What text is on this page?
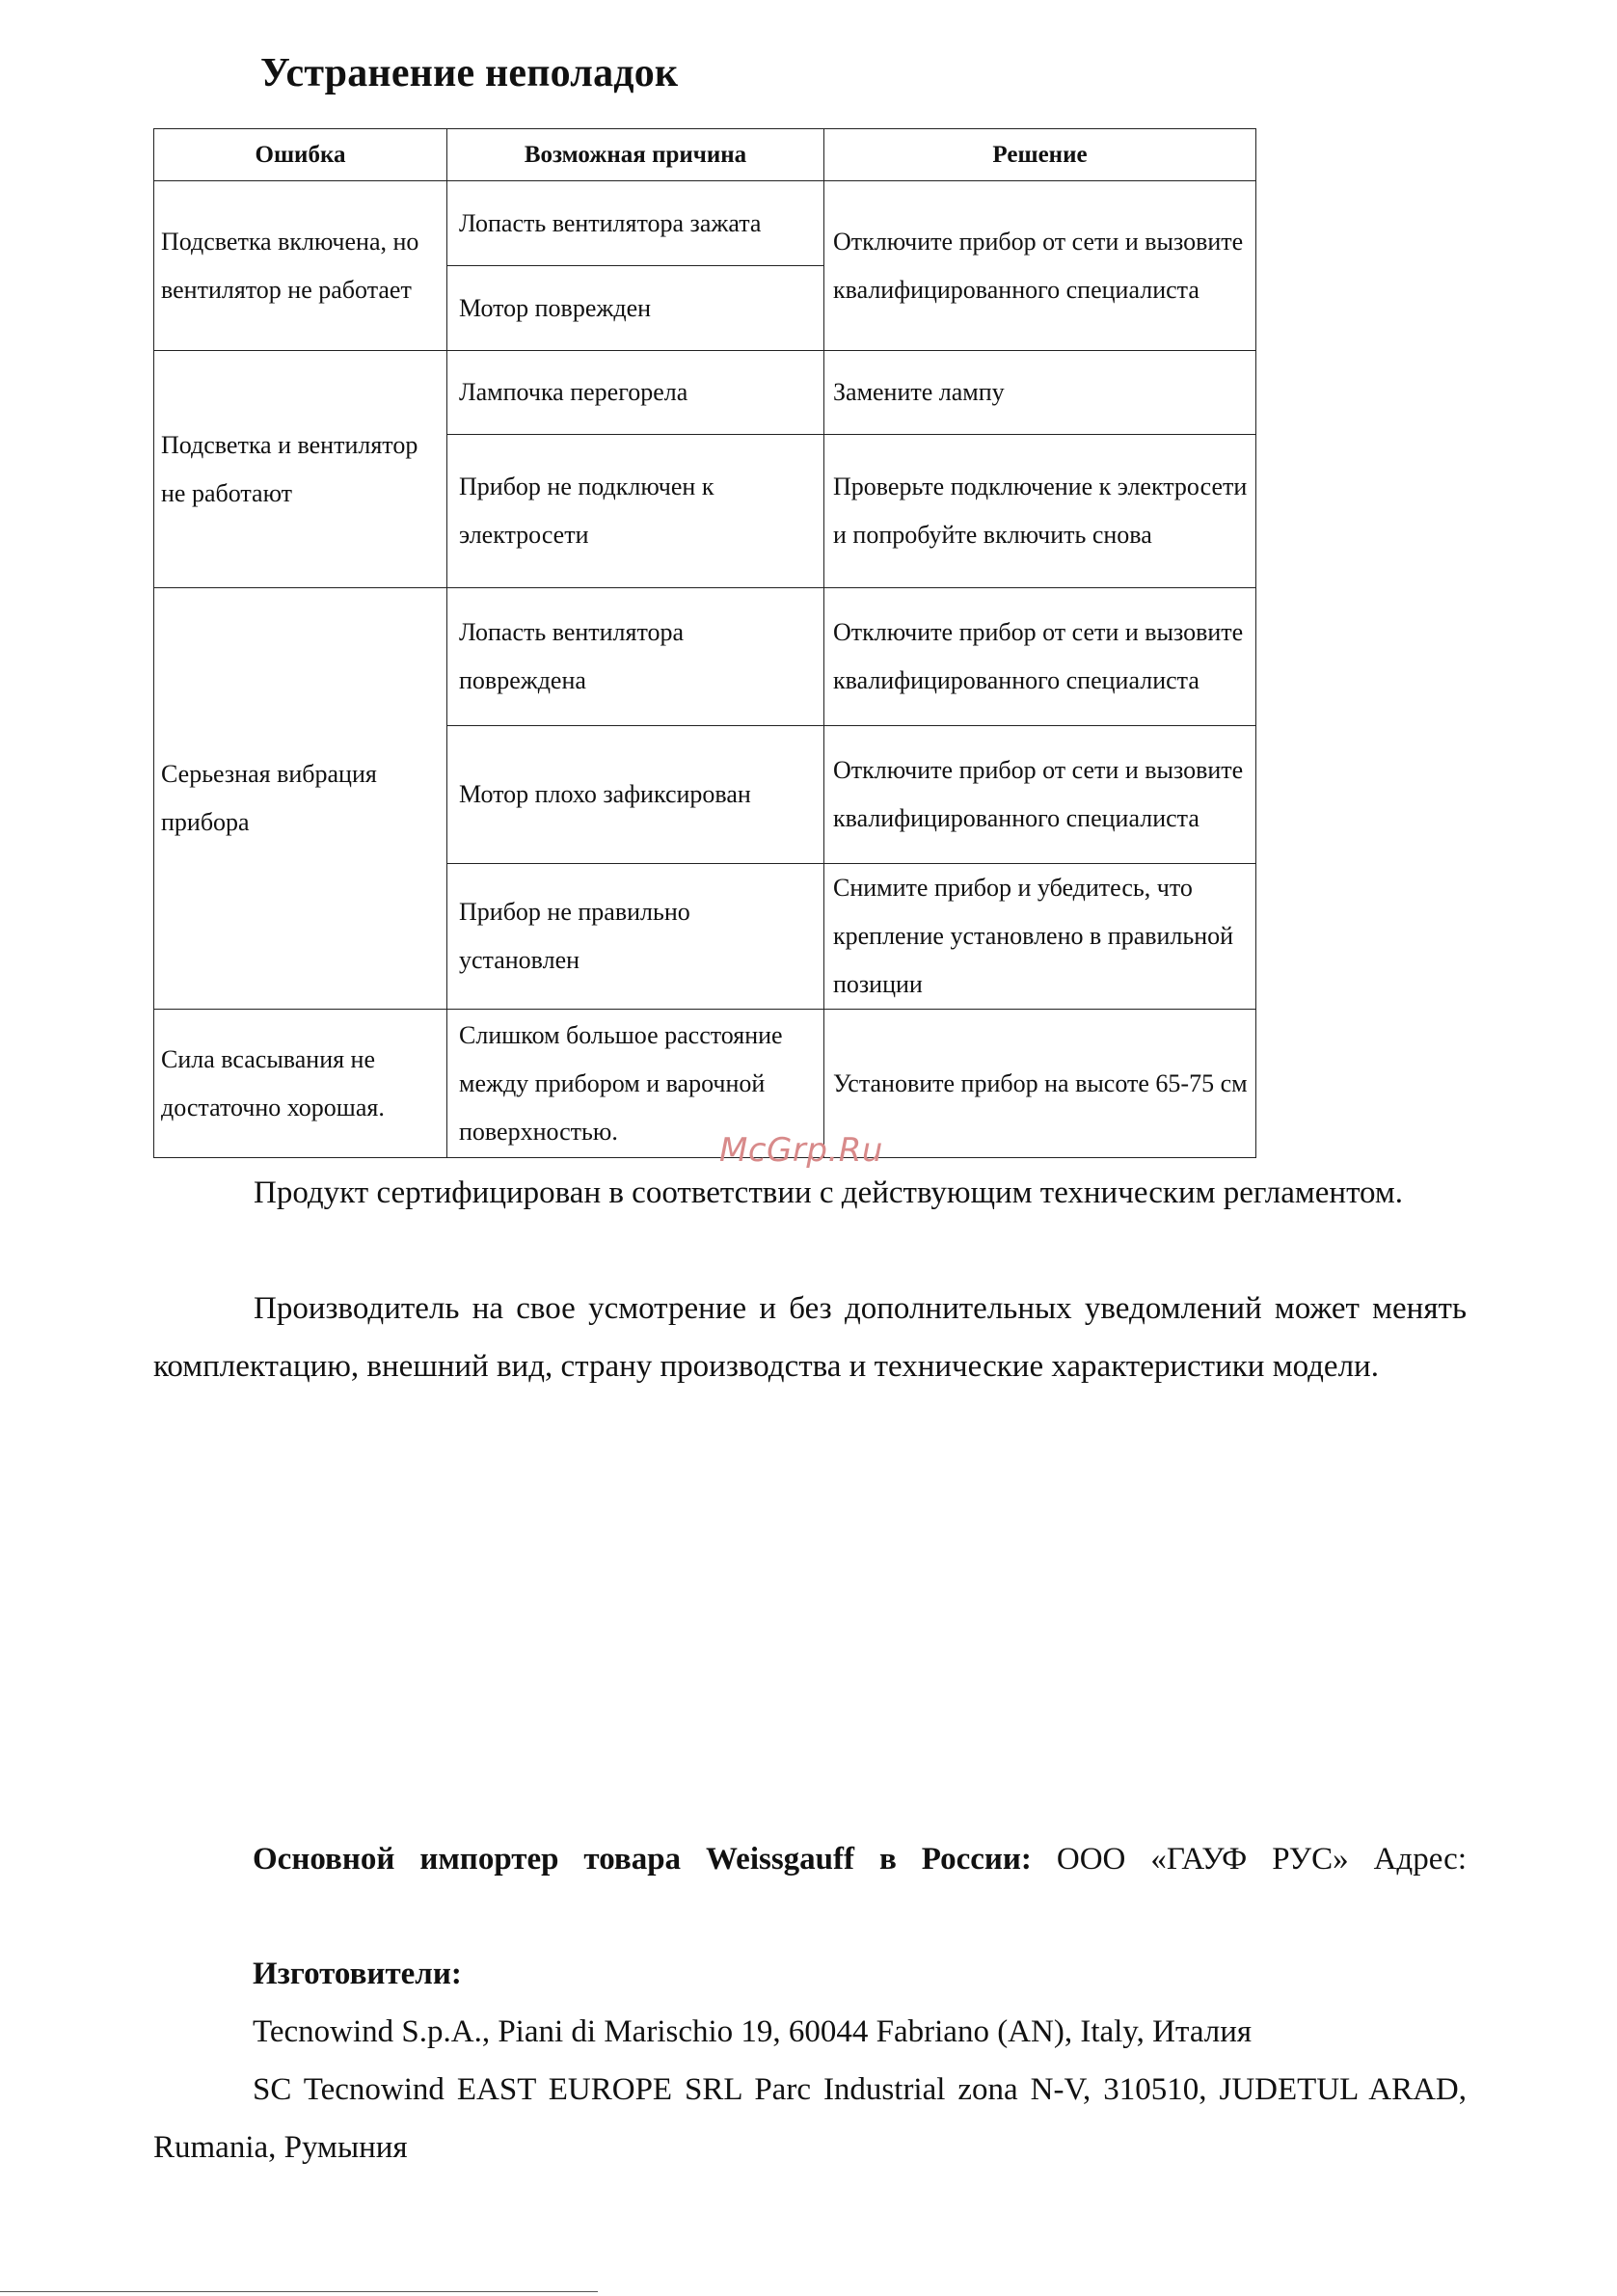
Устранение неполадок
Ошибка	Возможная причина	Решение
Подсветка включена, но вентилятор не работает	Лопасть вентилятора зажата	Отключите прибор от сети и вызовите квалифицированного специалиста
	Мотор поврежден	
Подсветка и вентилятор не работают	Лампочка перегорела	Замените лампу
	Прибор не подключен к электросети	Проверьте подключение к электросети и попробуйте включить снова
Серьезная вибрация прибора	Лопасть вентилятора повреждена	Отключите прибор от сети и вызовите квалифицированного специалиста
	Мотор плохо зафиксирован	Отключите прибор от сети и вызовите квалифицированного специалиста
	Прибор не правильно установлен	Снимите прибор и убедитесь, что крепление установлено в правильной позиции
Сила всасывания не достаточно хорошая.	Слишком большое расстояние между прибором и варочной поверхностью.	Установите прибор на высоте 65-75 см
McGrp.Ru

Продукт сертифицирован в соответствии с действующим техническим регламентом.

Производитель на свое усмотрение и без дополнительных уведомлений может менять комплектацию, внешний вид, страну производства и технические характеристики модели.

Основной импортер товара Weissgauff в России: ООО «ГАУФ РУС» Адрес:

Изготовители:

Tecnowind S.p.A., Piani di Marischio 19, 60044 Fabriano (AN), Italy, Италия

SC Tecnowind EAST EUROPE SRL Parc Industrial zona N-V, 310510, JUDETUL ARAD, Rumania, Румыния
